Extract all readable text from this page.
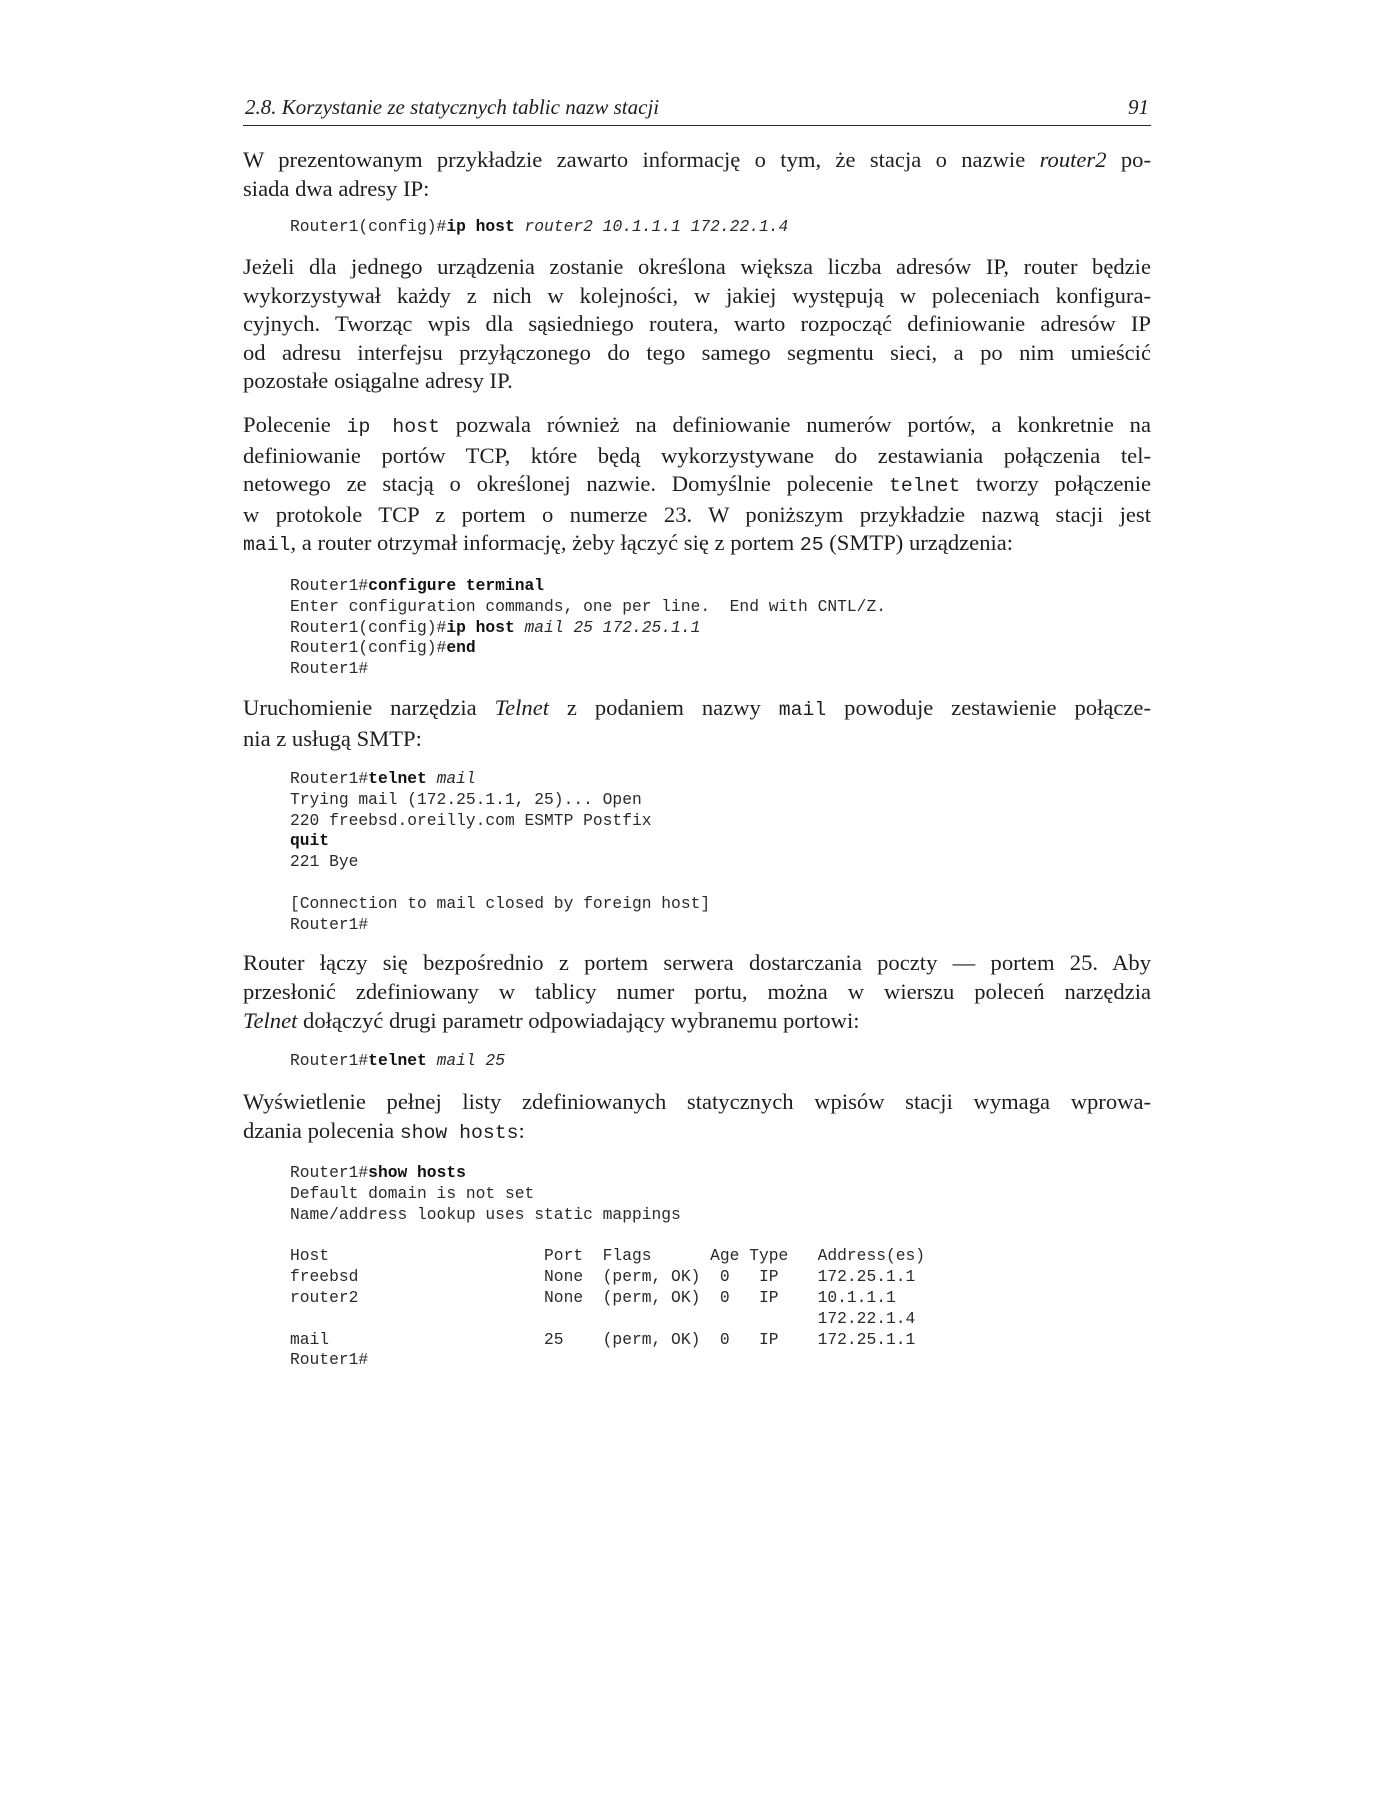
2.8. Korzystanie ze statycznych tablic nazw stacji	91
W prezentowanym przykładzie zawarto informację o tym, że stacja o nazwie router2 po-
siada dwa adresy IP:
Router1(config)#ip host router2 10.1.1.1 172.22.1.4
Jeżeli dla jednego urządzenia zostanie określona większa liczba adresów IP, router będzie
wykorzystywał każdy z nich w kolejności, w jakiej występują w poleceniach konfigura-
cyjnych. Tworząc wpis dla sąsiedniego routera, warto rozpocząć definiowanie adresów IP
od adresu interfejsu przyłączonego do tego samego segmentu sieci, a po nim umieścić
pozostałe osiągalne adresy IP.
Polecenie ip host pozwala również na definiowanie numerów portów, a konkretnie na
definiowanie portów TCP, które będą wykorzystywane do zestawiania połączenia tel-
netowego ze stacją o określonej nazwie. Domyślnie polecenie telnet tworzy połączenie
w protokole TCP z portem o numerze 23. W poniższym przykładzie nazwą stacji jest
mail, a router otrzymał informację, żeby łączyć się z portem 25 (SMTP) urządzenia:
Router1#configure terminal
Enter configuration commands, one per line.  End with CNTL/Z.
Router1(config)#ip host mail 25 172.25.1.1
Router1(config)#end
Router1#
Uruchomienie narzędzia Telnet z podaniem nazwy mail powoduje zestawienie połącze-
nia z usługą SMTP:
Router1#telnet mail
Trying mail (172.25.1.1, 25)... Open
220 freebsd.oreilly.com ESMTP Postfix
quit
221 Bye

[Connection to mail closed by foreign host]
Router1#
Router łączy się bezpośrednio z portem serwera dostarczania poczty — portem 25. Aby
przesłonić zdefiniowany w tablicy numer portu, można w wierszu poleceń narzędzia
Telnet dołączyć drugi parametr odpowiadający wybranemu portowi:
Router1#telnet mail 25
Wyświetlenie pełnej listy zdefiniowanych statycznych wpisów stacji wymaga wprowa-
dzania polecenia show hosts:
Router1#show hosts
Default domain is not set
Name/address lookup uses static mappings

Host                      Port  Flags      Age Type   Address(es)
freebsd                   None  (perm, OK)  0   IP    172.25.1.1
router2                   None  (perm, OK)  0   IP    10.1.1.1
172.22.1.4
mail                      25    (perm, OK)  0   IP    172.25.1.1
Router1#
